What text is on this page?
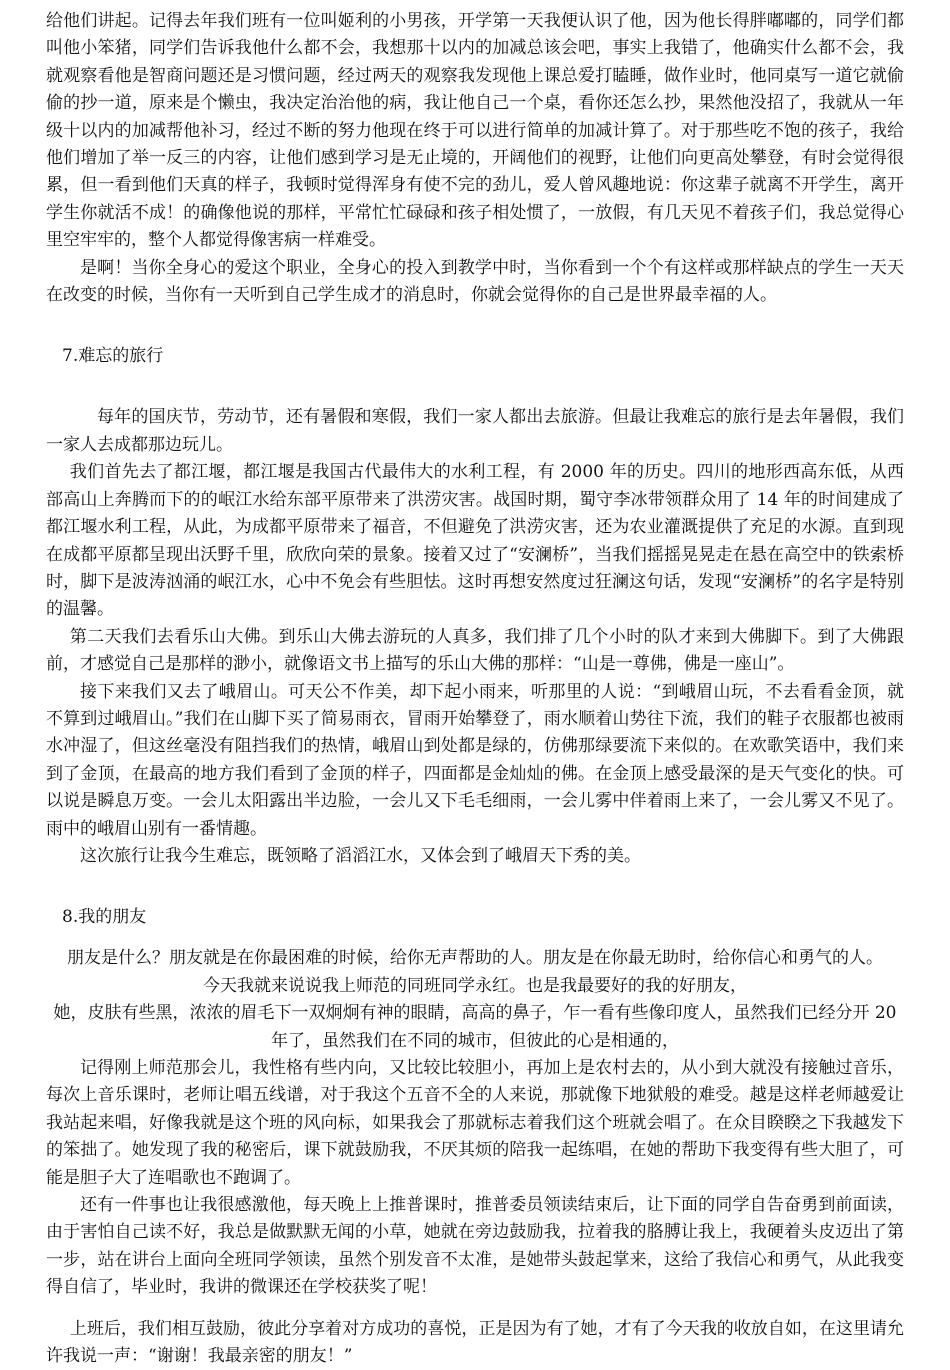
给他们讲起。记得去年我们班有一位叫姬利的小男孩，开学第一天我便认识了他，因为他长得胖嘟嘟的，同学们都叫他小笨猪，同学们告诉我他什么都不会，我想那十以内的加减总该会吧，事实上我错了，他确实什么都不会，我就观察看他是智商问题还是习惯问题，经过两天的观察我发现他上课总爱打瞌睡，做作业时，他同桌写一道它就偷偷的抄一道，原来是个懒虫，我决定治治他的病，我让他自己一个桌，看你还怎么抄，果然他没招了，我就从一年级十以内的加减帮他补习，经过不断的努力他现在终于可以进行简单的加减计算了。对于那些吃不饱的孩子，我给他们增加了举一反三的内容，让他们感到学习是无止境的，开阔他们的视野，让他们向更高处攀登，有时会觉得很累，但一看到他们天真的样子，我顿时觉得浑身有使不完的劲儿，爱人曾风趣地说：你这辈子就离不开学生，离开学生你就活不成！的确像他说的那样，平常忙忙碌碌和孩子相处惯了，一放假，有几天见不着孩子们，我总觉得心里空牢牢的，整个人都觉得像害病一样难受。

是啊！当你全身心的爱这个职业，全身心的投入到教学中时，当你看到一个个有这样或那样缺点的学生一天天在改变的时候，当你有一天听到自己学生成才的消息时，你就会觉得你的自己是世界最幸福的人。

7.难忘的旅行

每年的国庆节，劳动节，还有暑假和寒假，我们一家人都出去旅游。但最让我难忘的旅行是去年暑假，我们一家人去成都那边玩儿。

我们首先去了都江堰，都江堰是我国古代最伟大的水利工程，有 2000 年的历史。四川的地形西高东低，从西部高山上奔腾而下的的岷江水给东部平原带来了洪涝灾害。战国时期，蜀守李冰带领群众用了 14 年的时间建成了都江堰水利工程，从此，为成都平原带来了福音，不但避免了洪涝灾害，还为农业灌溉提供了充足的水源。直到现在成都平原都呈现出沃野千里，欣欣向荣的景象。接着又过了“安澜桥”，当我们摇摇晃晃走在悬在高空中的铁索桥时，脚下是波涛汹涌的岷江水，心中不免会有些胆怯。这时再想安然度过狂澜这句话，发现“安澜桥”的名字是特别的温馨。

第二天我们去看乐山大佛。到乐山大佛去游玩的人真多，我们排了几个小时的队才来到大佛脚下。到了大佛跟前，才感觉自己是那样的渺小，就像语文书上描写的乐山大佛的那样：“山是一尊佛，佛是一座山”。

接下来我们又去了峨眉山。可天公不作美，却下起小雨来，听那里的人说：“到峨眉山玩，不去看看金顶，就不算到过峨眉山。”我们在山脚下买了简易雨衣，冒雨开始攀登了，雨水顺着山势往下流，我们的鞋子衣服都也被雨水冲湿了，但这丝毫没有阻挡我们的热情，峨眉山到处都是绿的，仿佛那绿要流下来似的。在欢歌笑语中，我们来到了金顶，在最高的地方我们看到了金顶的样子，四面都是金灿灿的佛。在金顶上感受最深的是天气变化的快。可以说是瞬息万变。一会儿太阳露出半边脸，一会儿又下毛毛细雨，一会儿雾中伴着雨上来了，一会儿雾又不见了。雨中的峨眉山别有一番情趣。

这次旅行让我今生难忘，既领略了滔滔江水，又体会到了峨眉天下秀的美。

8.我的朋友

朋友是什么？朋友就是在你最困难的时候，给你无声帮助的人。朋友是在你最无助时，给你信心和勇气的人。

今天我就来说说我上师范的同班同学永红。也是我最要好的我的好朋友，

她，皮肤有些黑，浓浓的眉毛下一双炯炯有神的眼睛，高高的鼻子，乍一看有些像印度人，虽然我们已经分开 20 年了，虽然我们在不同的城市，但彼此的心是相通的，

记得刚上师范那会儿，我性格有些内向，又比较比较胆小，再加上是农村去的，从小到大就没有接触过音乐，每次上音乐课时，老师让唱五线谱，对于我这个五音不全的人来说，那就像下地狱般的难受。越是这样老师越爱让我站起来唱，好像我就是这个班的风向标，如果我会了那就标志着我们这个班就会唱了。在众目睽睽之下我越发下的笨拙了。她发现了我的秘密后，课下就鼓励我，不厌其烦的陪我一起练唱，在她的帮助下我变得有些大胆了，可能是胆子大了连唱歌也不跑调了。

还有一件事也让我很感激他，每天晚上上推普课时，推普委员领读结束后，让下面的同学自告奋勇到前面读，由于害怕自己读不好，我总是做默默无闻的小草，她就在旁边鼓励我，拉着我的胳膊让我上，我硬着头皮迈出了第一步，站在讲台上面向全班同学领读，虽然个别发音不太准，是她带头鼓起掌来，这给了我信心和勇气，从此我变得自信了，毕业时，我讲的微课还在学校获奖了呢！

上班后，我们相互鼓励，彼此分享着对方成功的喜悦，正是因为有了她，才有了今天我的收放自如，在这里请允许我说一声：“谢谢！我最亲密的朋友！”
